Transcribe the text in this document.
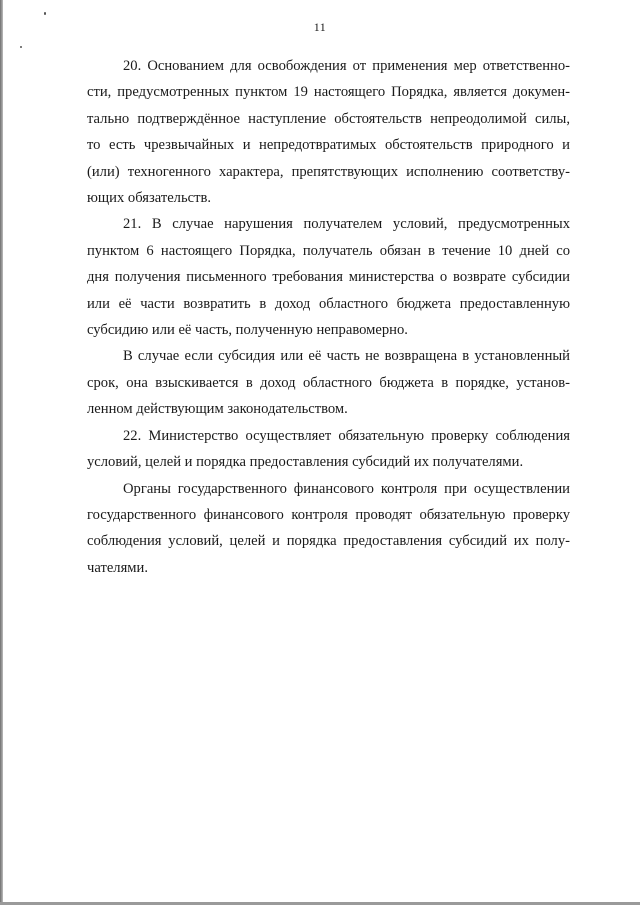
11

20. Основанием для освобождения от применения мер ответственно-
сти, предусмотренных пунктом 19 настоящего Порядка, является докумен-
тально подтверждённое наступление обстоятельств непреодолимой силы,
то есть чрезвычайных и непредотвратимых обстоятельств природного и
(или) техногенного характера, препятствующих исполнению соответству-
ющих обязательств.

21. В случае нарушения получателем условий, предусмотренных
пунктом 6 настоящего Порядка, получатель обязан в течение 10 дней со
дня получения письменного требования министерства о возврате субсидии
или её части возвратить в доход областного бюджета предоставленную
субсидию или её часть, полученную неправомерно.

В случае если субсидия или её часть не возвращена в установленный
срок, она взыскивается в доход областного бюджета в порядке, установ-
ленном действующим законодательством.

22. Министерство осуществляет обязательную проверку соблюдения
условий, целей и порядка предоставления субсидий их получателями.

Органы государственного финансового контроля при осуществлении
государственного финансового контроля проводят обязательную проверку
соблюдения условий, целей и порядка предоставления субсидий их полу-
чателями.
